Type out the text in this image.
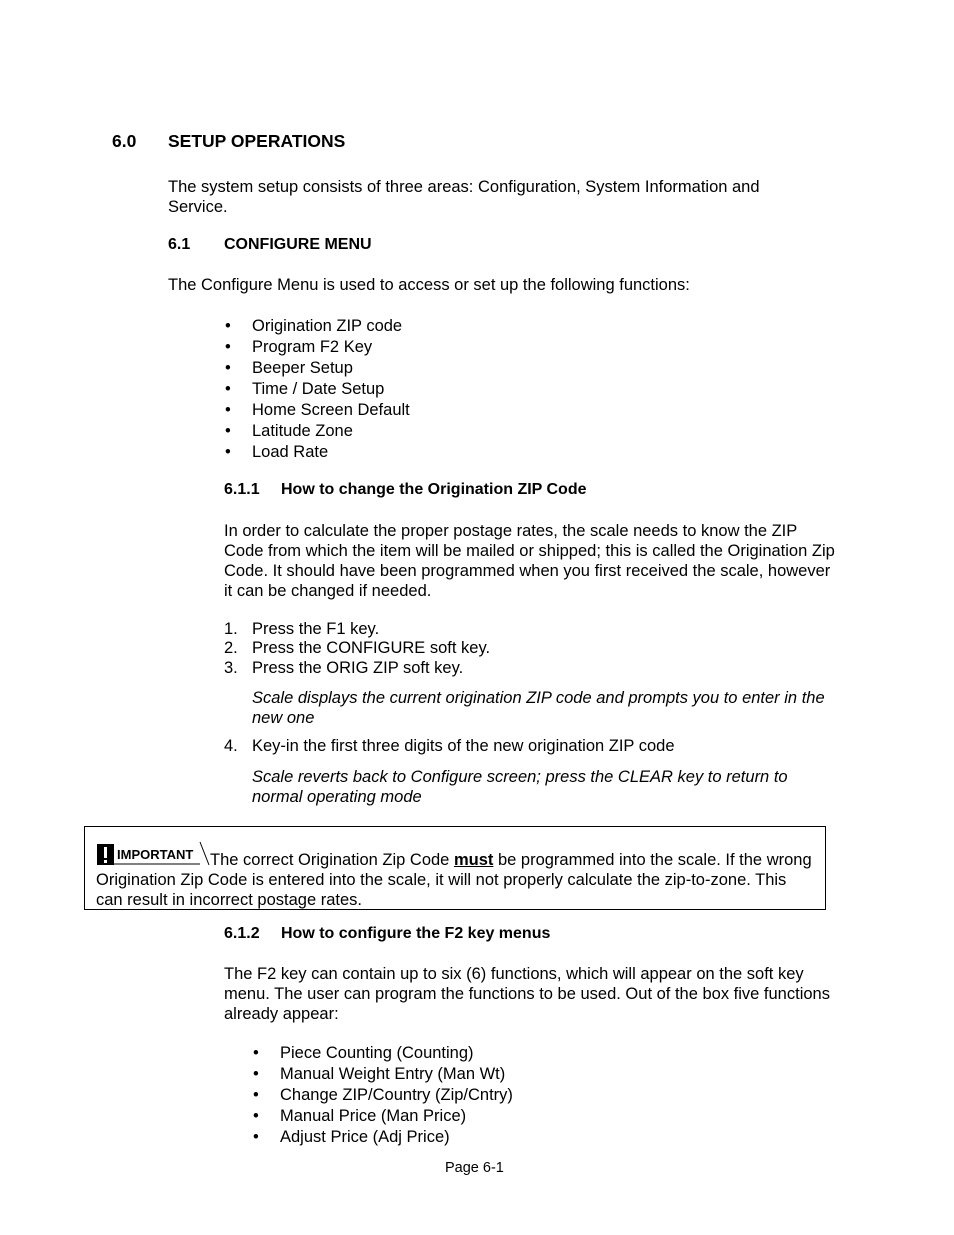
6.0 SETUP OPERATIONS
The system setup consists of three areas: Configuration, System Information and Service.
6.1 CONFIGURE MENU
The Configure Menu is used to access or set up the following functions:
• Origination ZIP code
• Program F2 Key
• Beeper Setup
• Time / Date Setup
• Home Screen Default
• Latitude Zone
• Load Rate
6.1.1 How to change the Origination ZIP Code
In order to calculate the proper postage rates, the scale needs to know the ZIP Code from which the item will be mailed or shipped; this is called the Origination Zip Code. It should have been programmed when you first received the scale, however it can be changed if needed.
1. Press the F1 key.
2. Press the CONFIGURE soft key.
3. Press the ORIG ZIP soft key.
Scale displays the current origination ZIP code and prompts you to enter in the new one
4. Key-in the first three digits of the new origination ZIP code
Scale reverts back to Configure screen; press the CLEAR key to return to normal operating mode
IMPORTANT The correct Origination Zip Code must be programmed into the scale. If the wrong Origination Zip Code is entered into the scale, it will not properly calculate the zip-to-zone. This can result in incorrect postage rates.
6.1.2 How to configure the F2 key menus
The F2 key can contain up to six (6) functions, which will appear on the soft key menu. The user can program the functions to be used. Out of the box five functions already appear:
• Piece Counting (Counting)
• Manual Weight Entry (Man Wt)
• Change ZIP/Country (Zip/Cntry)
• Manual Price (Man Price)
• Adjust Price (Adj Price)
Page 6-1
